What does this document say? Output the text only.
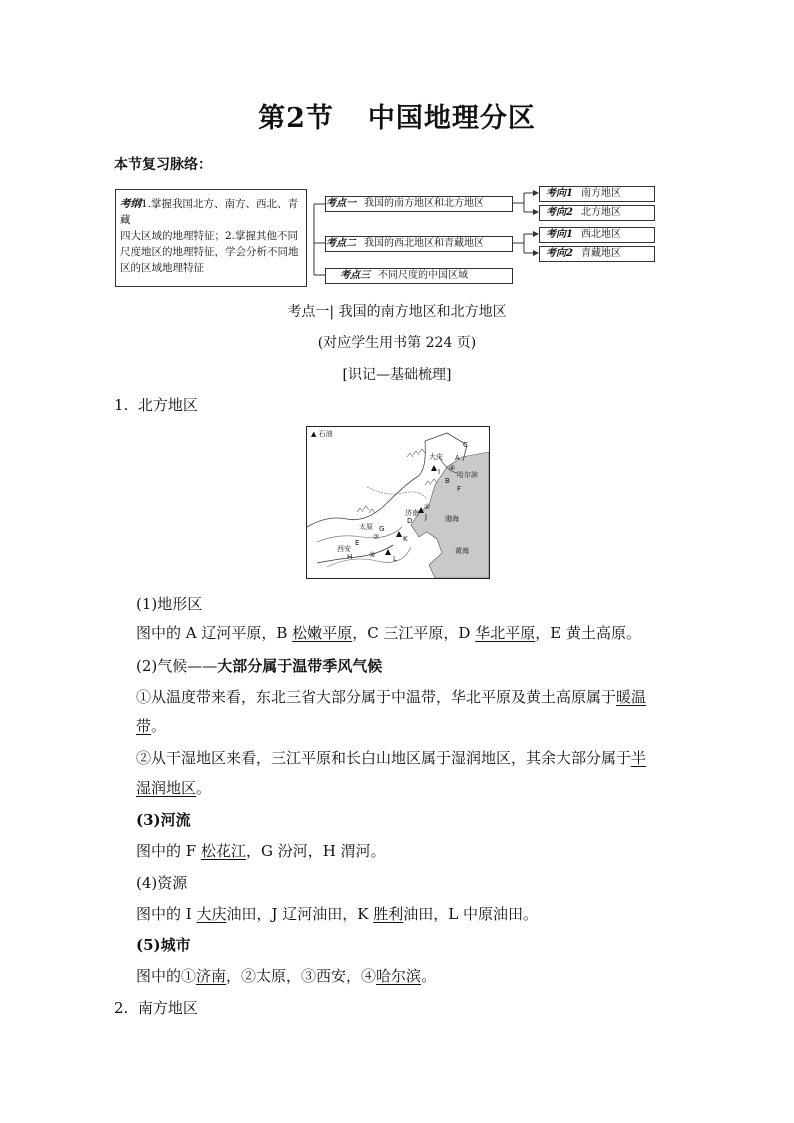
第2节 中国地理分区
本节复习脉络：
考纲1.掌握我国北方、南方、西北、青藏
四大区域的地理特征；2.掌握其他不同
尺度地区的地理特征，学会分析不同地
区的区域地理特征
考点一 我国的南方地区和北方地区
考点二 我国的西北地区和青藏地区
考点三 不同尺度的中国区域
考向1 南方地区
考向2 北方地区
考向1 西北地区
考向2 青藏地区
考点一| 我国的南方地区和北方地区
(对应学生用书第 224 页)
[识记—基础梳理]
1. 北方地区
▲ 石油
④
①
②
③
A
B
C
D
E
F
G
H
I
J
K
L
渤海
黄海
大庆
济南
太原
西安
哈尔滨
(1)地形区
图中的 A 辽河平原，B 松嫩平原，C 三江平原，D 华北平原，E 黄土高原。
(2)气候——大部分属于温带季风气候
①从温度带来看，东北三省大部分属于中温带，华北平原及黄土高原属于暖温
带。
②从干湿地区来看，三江平原和长白山地区属于湿润地区，其余大部分属于半
湿润地区。
(3)河流
图中的 F 松花江，G 汾河，H 渭河。
(4)资源
图中的 I 大庆油田，J 辽河油田，K 胜利油田，L 中原油田。
(5)城市
图中的①济南，②太原，③西安，④哈尔滨。
2. 南方地区
